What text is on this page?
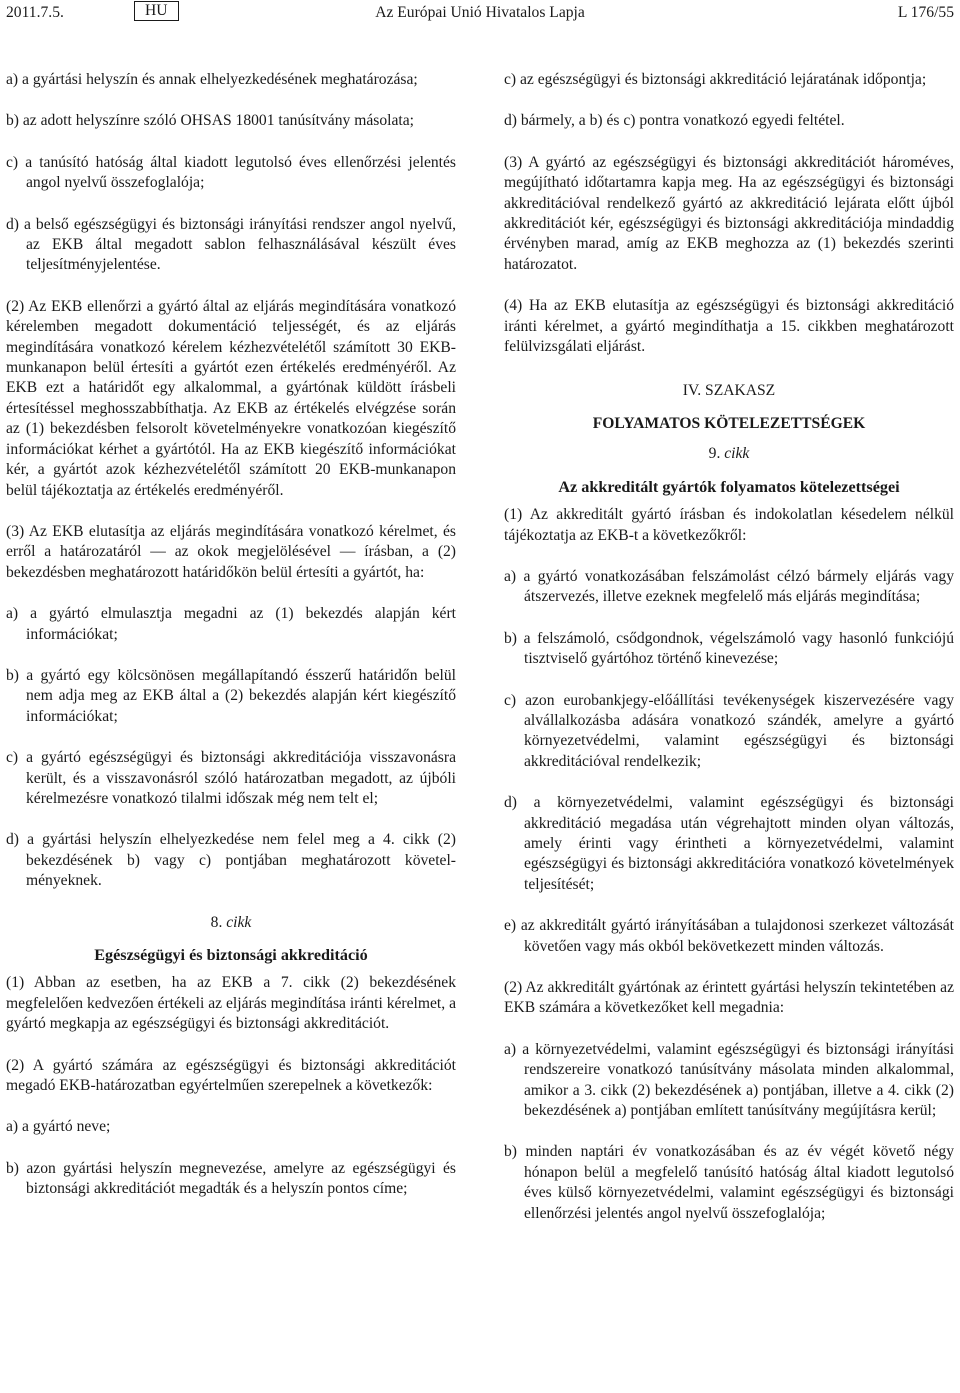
2011.7.5.	HU	Az Európai Unió Hivatalos Lapja	L 176/55

a) a gyártási helyszín és annak elhelyezkedésének meghatározása;

b) az adott helyszínre szóló OHSAS 18001 tanúsítvány másolata;

c) a tanúsító hatóság által kiadott legutolsó éves ellenőrzési jelentés angol nyelvű összefoglalója;

d) a belső egészségügyi és biztonsági irányítási rendszer angol nyelvű, az EKB által megadott sablon felhasználásával készült éves teljesítményjelentése.

(2) Az EKB ellenőrzi a gyártó által az eljárás megindítására vonatkozó kérelemben megadott dokumentáció teljességét, és az eljárás megindítására vonatkozó kérelem kézhezvételétől számított 30 EKB-munkanapon belül értesíti a gyártót ezen értékelés eredményéről. Az EKB ezt a határidőt egy alkalommal, a gyártónak küldött írásbeli értesítéssel meghosszabbíthatja. Az EKB az értékelés elvégzése során az (1) bekezdésben felsorolt követelményekre vonatkozóan kiegészítő információkat kérhet a gyártótól. Ha az EKB kiegészítő információkat kér, a gyártót azok kézhezvételétől számított 20 EKB-munkanapon belül tájékoztatja az értékelés eredményéről.

(3) Az EKB elutasítja az eljárás megindítására vonatkozó kérelmet, és erről a határozatáról — az okok megjelölésével — írásban, a (2) bekezdésben meghatározott határidőkön belül értesíti a gyártót, ha:

a) a gyártó elmulasztja megadni az (1) bekezdés alapján kért információkat;

b) a gyártó egy kölcsönösen megállapítandó ésszerű határidőn belül nem adja meg az EKB által a (2) bekezdés alapján kért kiegészítő információkat;

c) a gyártó egészségügyi és biztonsági akkreditációja visszavonásra került, és a visszavonásról szóló határozatban megadott, az újbóli kérelmezésre vonatkozó tilalmi időszak még nem telt el;

d) a gyártási helyszín elhelyezkedése nem felel meg a 4. cikk (2) bekezdésének b) vagy c) pontjában meghatározott követelményeknek.

8. cikk

Egészségügyi és biztonsági akkreditáció

(1) Abban az esetben, ha az EKB a 7. cikk (2) bekezdésének megfelelően kedvezően értékeli az eljárás megindítása iránti kérelmet, a gyártó megkapja az egészségügyi és biztonsági akkreditációt.

(2) A gyártó számára az egészségügyi és biztonsági akkreditációt megadó EKB-határozatban egyértelműen szerepelnek a következők:

a) a gyártó neve;

b) azon gyártási helyszín megnevezése, amelyre az egészségügyi és biztonsági akkreditációt megadták és a helyszín pontos címe;

c) az egészségügyi és biztonsági akkreditáció lejáratának időpontja;

d) bármely, a b) és c) pontra vonatkozó egyedi feltétel.

(3) A gyártó az egészségügyi és biztonsági akkreditációt hároméves, megújítható időtartamra kapja meg. Ha az egészségügyi és biztonsági akkreditációval rendelkező gyártó az akkreditáció lejárata előtt újból akkreditációt kér, egészségügyi és biztonsági akkreditációja mindaddig érvényben marad, amíg az EKB meghozza az (1) bekezdés szerinti határozatot.

(4) Ha az EKB elutasítja az egészségügyi és biztonsági akkreditáció iránti kérelmet, a gyártó megindíthatja a 15. cikkben meghatározott felülvizsgálati eljárást.

IV. SZAKASZ

FOLYAMATOS KÖTELEZETTSÉGEK

9. cikk

Az akkreditált gyártók folyamatos kötelezettségei

(1) Az akkreditált gyártó írásban és indokolatlan késedelem nélkül tájékoztatja az EKB-t a következőkről:

a) a gyártó vonatkozásában felszámolást célzó bármely eljárás vagy átszervezés, illetve ezeknek megfelelő más eljárás megindítása;

b) a felszámoló, csődgondnok, végelszámoló vagy hasonló funkciójú tisztviselő gyártóhoz történő kinevezése;

c) azon eurobankjegy-előállítási tevékenységek kiszervezésére vagy alvállalkozásba adására vonatkozó szándék, amelyre a gyártó környezetvédelmi, valamint egészségügyi és biztonsági akkreditációval rendelkezik;

d) a környezetvédelmi, valamint egészségügyi és biztonsági akkreditáció megadása után végrehajtott minden olyan változás, amely érinti vagy érintheti a környezetvédelmi, valamint egészségügyi és biztonsági akkreditációra vonatkozó követelmények teljesítését;

e) az akkreditált gyártó irányításában a tulajdonosi szerkezet változását követően vagy más okból bekövetkezett minden változás.

(2) Az akkreditált gyártónak az érintett gyártási helyszín tekintetében az EKB számára a következőket kell megadnia:

a) a környezetvédelmi, valamint egészségügyi és biztonsági irányítási rendszereire vonatkozó tanúsítvány másolata minden alkalommal, amikor a 3. cikk (2) bekezdésének a) pontjában, illetve a 4. cikk (2) bekezdésének a) pontjában említett tanúsítvány megújításra kerül;

b) minden naptári év vonatkozásában és az év végét követő négy hónapon belül a megfelelő tanúsító hatóság által kiadott legutolsó éves külső környezetvédelmi, valamint egészségügyi és biztonsági ellenőrzési jelentés angol nyelvű összefoglalója;
